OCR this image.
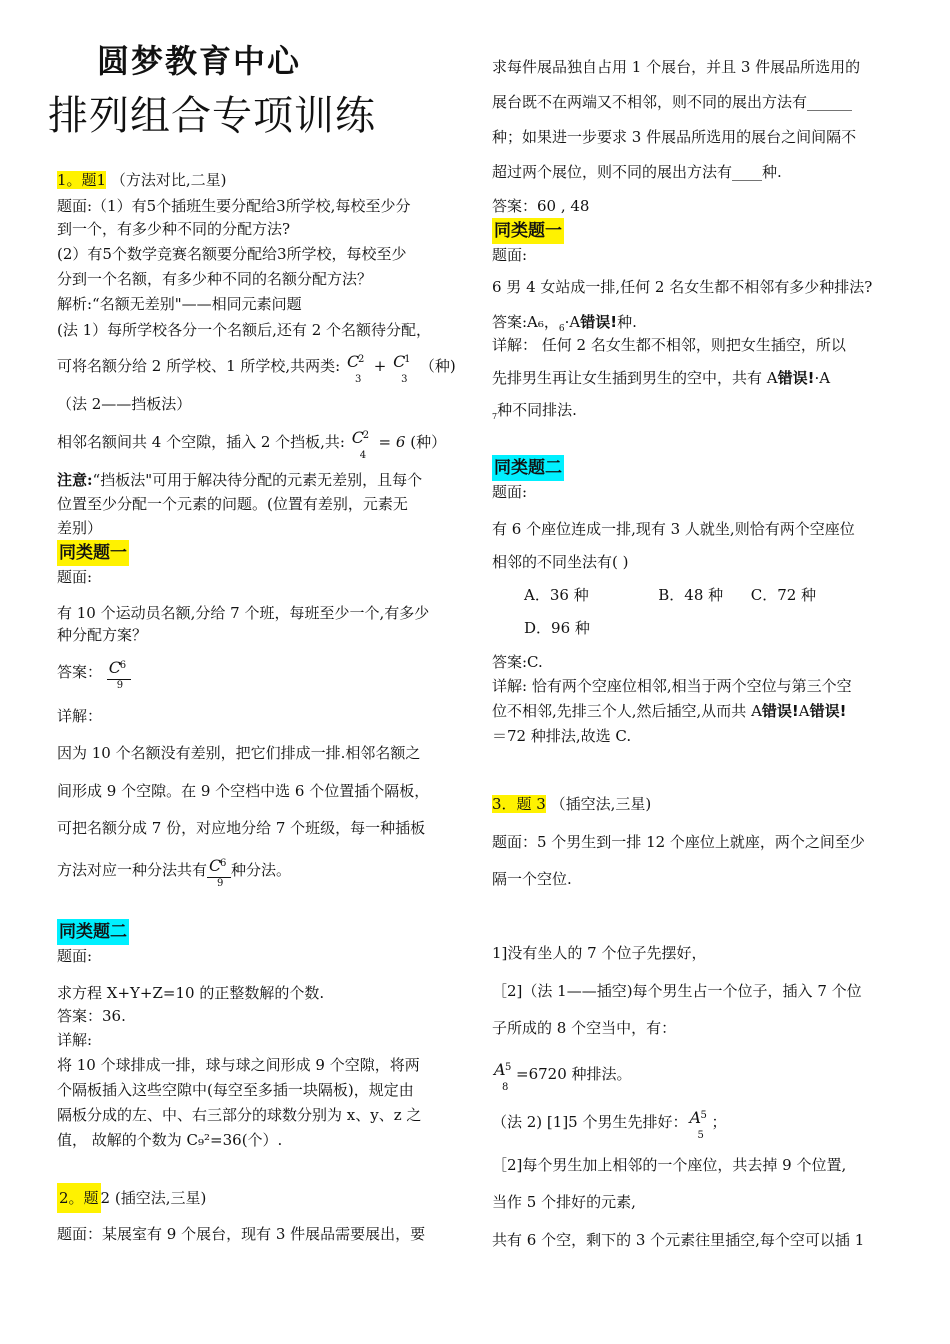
圆梦教育中心
排列组合专项训练
1。题1 （方法对比,二星)
题面:（1）有5个插班生要分配给3所学校,每校至少分
到一个，有多少种不同的分配方法?
(2）有5个数学竞赛名额要分配给3所学校，每校至少
分到一个名额，有多少种不同的名额分配方法？
解析:“名额无差别"——相同元素问题
(法 1）每所学校各分一个名额后,还有 2 个名额待分配，
可将名额分给 2 所学校、1 所学校,共两类: C
2
3
+ C
1
3
（种)
（法 2——挡板法）
相邻名额间共 4 个空隙，插入 2 个挡板,共: C
2
4
= 6 (种）
注意:“挡板法"可用于解决待分配的元素无差别，且每个
位置至少分配一个元素的问题。(位置有差别，元素无
差别）
同类题一
题面:
有 10 个运动员名额,分给 7 个班，每班至少一个,有多少
种分配方案？
答案： C
6
9
详解：
因为 10 个名额没有差别，把它们排成一排.相邻名额之
间形成 9 个空隙。在 9 个空档中选 6 个位置插个隔板，
可把名额分成 7 份，对应地分给 7 个班级，每一种插板
方法对应一种分法共有 C
6
9
种分法。
同类题二
题面:
求方程 X+Y+Z=10 的正整数解的个数.
答案：36.
详解:
将 10 个球排成一排，球与球之间形成 9 个空隙，将两
个隔板插入这些空隙中(每空至多插一块隔板)，规定由
隔板分成的左、中、右三部分的球数分别为 x、y、z 之
值， 故解的个数为 C₉²=36(个）.
2。题 2 (插空法,三星)
题面：某展室有 9 个展台，现有 3 件展品需要展出，要
求每件展品独自占用 1 个展台，并且 3 件展品所选用的
展台既不在两端又不相邻，则不同的展出方法有______
种；如果进一步要求 3 件展品所选用的展台之间间隔不
超过两个展位，则不同的展出方法有____种.
答案：60 , 48
同类题一
题面:
6 男 4 女站成一排,任何 2 名女生都不相邻有多少种排法?
答案:A₆，$_6$·A错误!种.
详解： 任何 2 名女生都不相邻，则把女生插空，所以
先排男生再让女生插到男生的空中，共有 A错误!·A
$_7$种不同排法.
同类题二
题面:
有 6 个座位连成一排,现有 3 人就坐,则恰有两个空座位
相邻的不同坐法有( )
A．36 种	B．48 种 C．72 种
D．96 种
答案:C.
详解: 恰有两个空座位相邻,相当于两个空位与第三个空
位不相邻,先排三个人,然后插空,从而共 A错误!A错误!
＝72 种排法,故选 C.
3．题 3 （插空法,三星)
题面：5 个男生到一排 12 个座位上就座，两个之间至少
隔一个空位.
1]没有坐人的 7 个位子先摆好，
［2]（法 1——插空)每个男生占一个位子，插入 7 个位
子所成的 8 个空当中，有：
A 5
8
=6720 种排法。
（法 2) [1]5 个男生先排好： A 5
5
；
［2]每个男生加上相邻的一个座位，共去掉 9 个位置,
当作 5 个排好的元素,
共有 6 个空，剩下的 3 个元素往里插空,每个空可以插 1
